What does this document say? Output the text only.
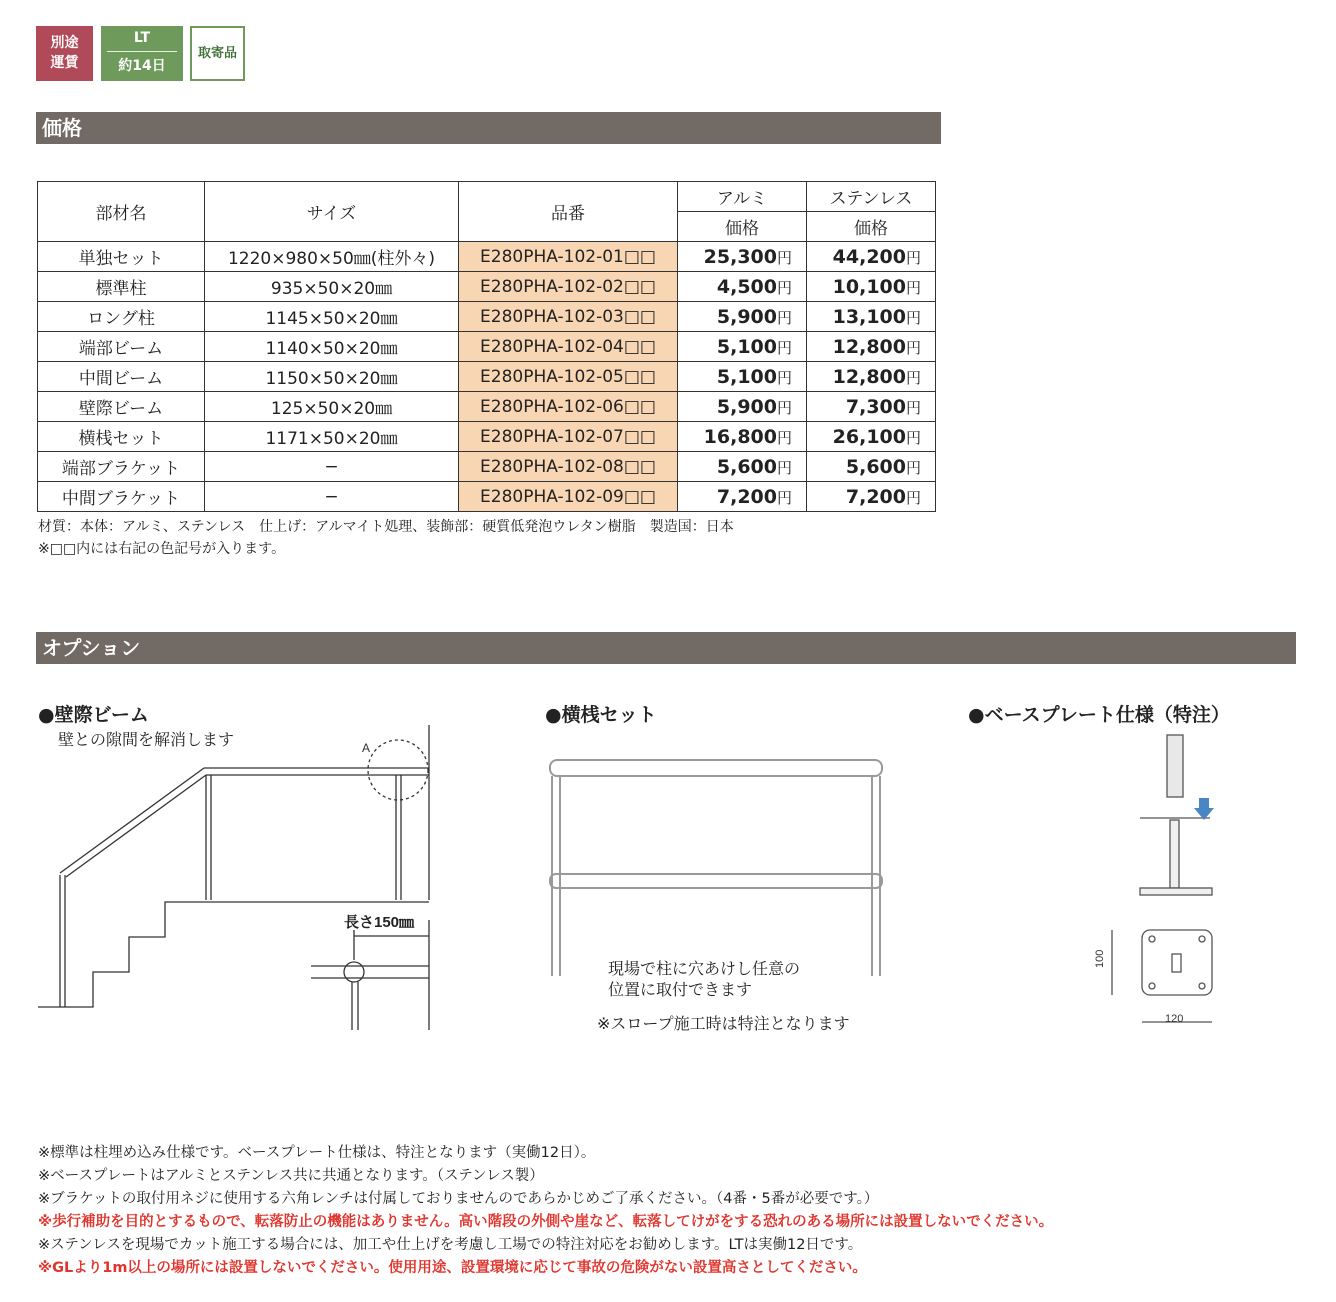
別途
運賃
LT
約14日
取寄品
価格
部材名	サイズ	品番	アルミ	ステンレス
			価格	価格
単独セット	1220×980×50㎜(柱外々)	E280PHA-102-01□□	25,300円	44,200円
標準柱	935×50×20㎜	E280PHA-102-02□□	4,500円	10,100円
ロング柱	1145×50×20㎜	E280PHA-102-03□□	5,900円	13,100円
端部ビーム	1140×50×20㎜	E280PHA-102-04□□	5,100円	12,800円
中間ビーム	1150×50×20㎜	E280PHA-102-05□□	5,100円	12,800円
壁際ビーム	125×50×20㎜	E280PHA-102-06□□	5,900円	7,300円
横桟セット	1171×50×20㎜	E280PHA-102-07□□	16,800円	26,100円
端部ブラケット	−	E280PHA-102-08□□	5,600円	5,600円
中間ブラケット	−	E280PHA-102-09□□	7,200円	7,200円
材質：本体：アルミ、ステンレス　仕上げ：アルマイト処理、装飾部：硬質低発泡ウレタン樹脂　製造国：日本
※□□内には右記の色記号が入ります。
オプション
●壁際ビーム
壁との隙間を解消します	A
長さ150㎜
●横桟セット
現場で柱に穴あけし任意の
位置に取付できます
※スロープ施工時は特注となります
●ベースプレート仕様（特注）
100
120
※標準は柱埋め込み仕様です。ベースプレート仕様は、特注となります（実働12日）。
※ベースプレートはアルミとステンレス共に共通となります。（ステンレス製）
※ブラケットの取付用ネジに使用する六角レンチは付属しておりませんのであらかじめご了承ください。（4番・5番が必要です。）
※歩行補助を目的とするもので、転落防止の機能はありません。高い階段の外側や崖など、転落してけがをする恐れのある場所には設置しないでください。
※ステンレスを現場でカット施工する場合には、加工や仕上げを考慮し工場での特注対応をお勧めします。LTは実働12日です。
※GLより1m以上の場所には設置しないでください。使用用途、設置環境に応じて事故の危険がない設置高さとしてください。
